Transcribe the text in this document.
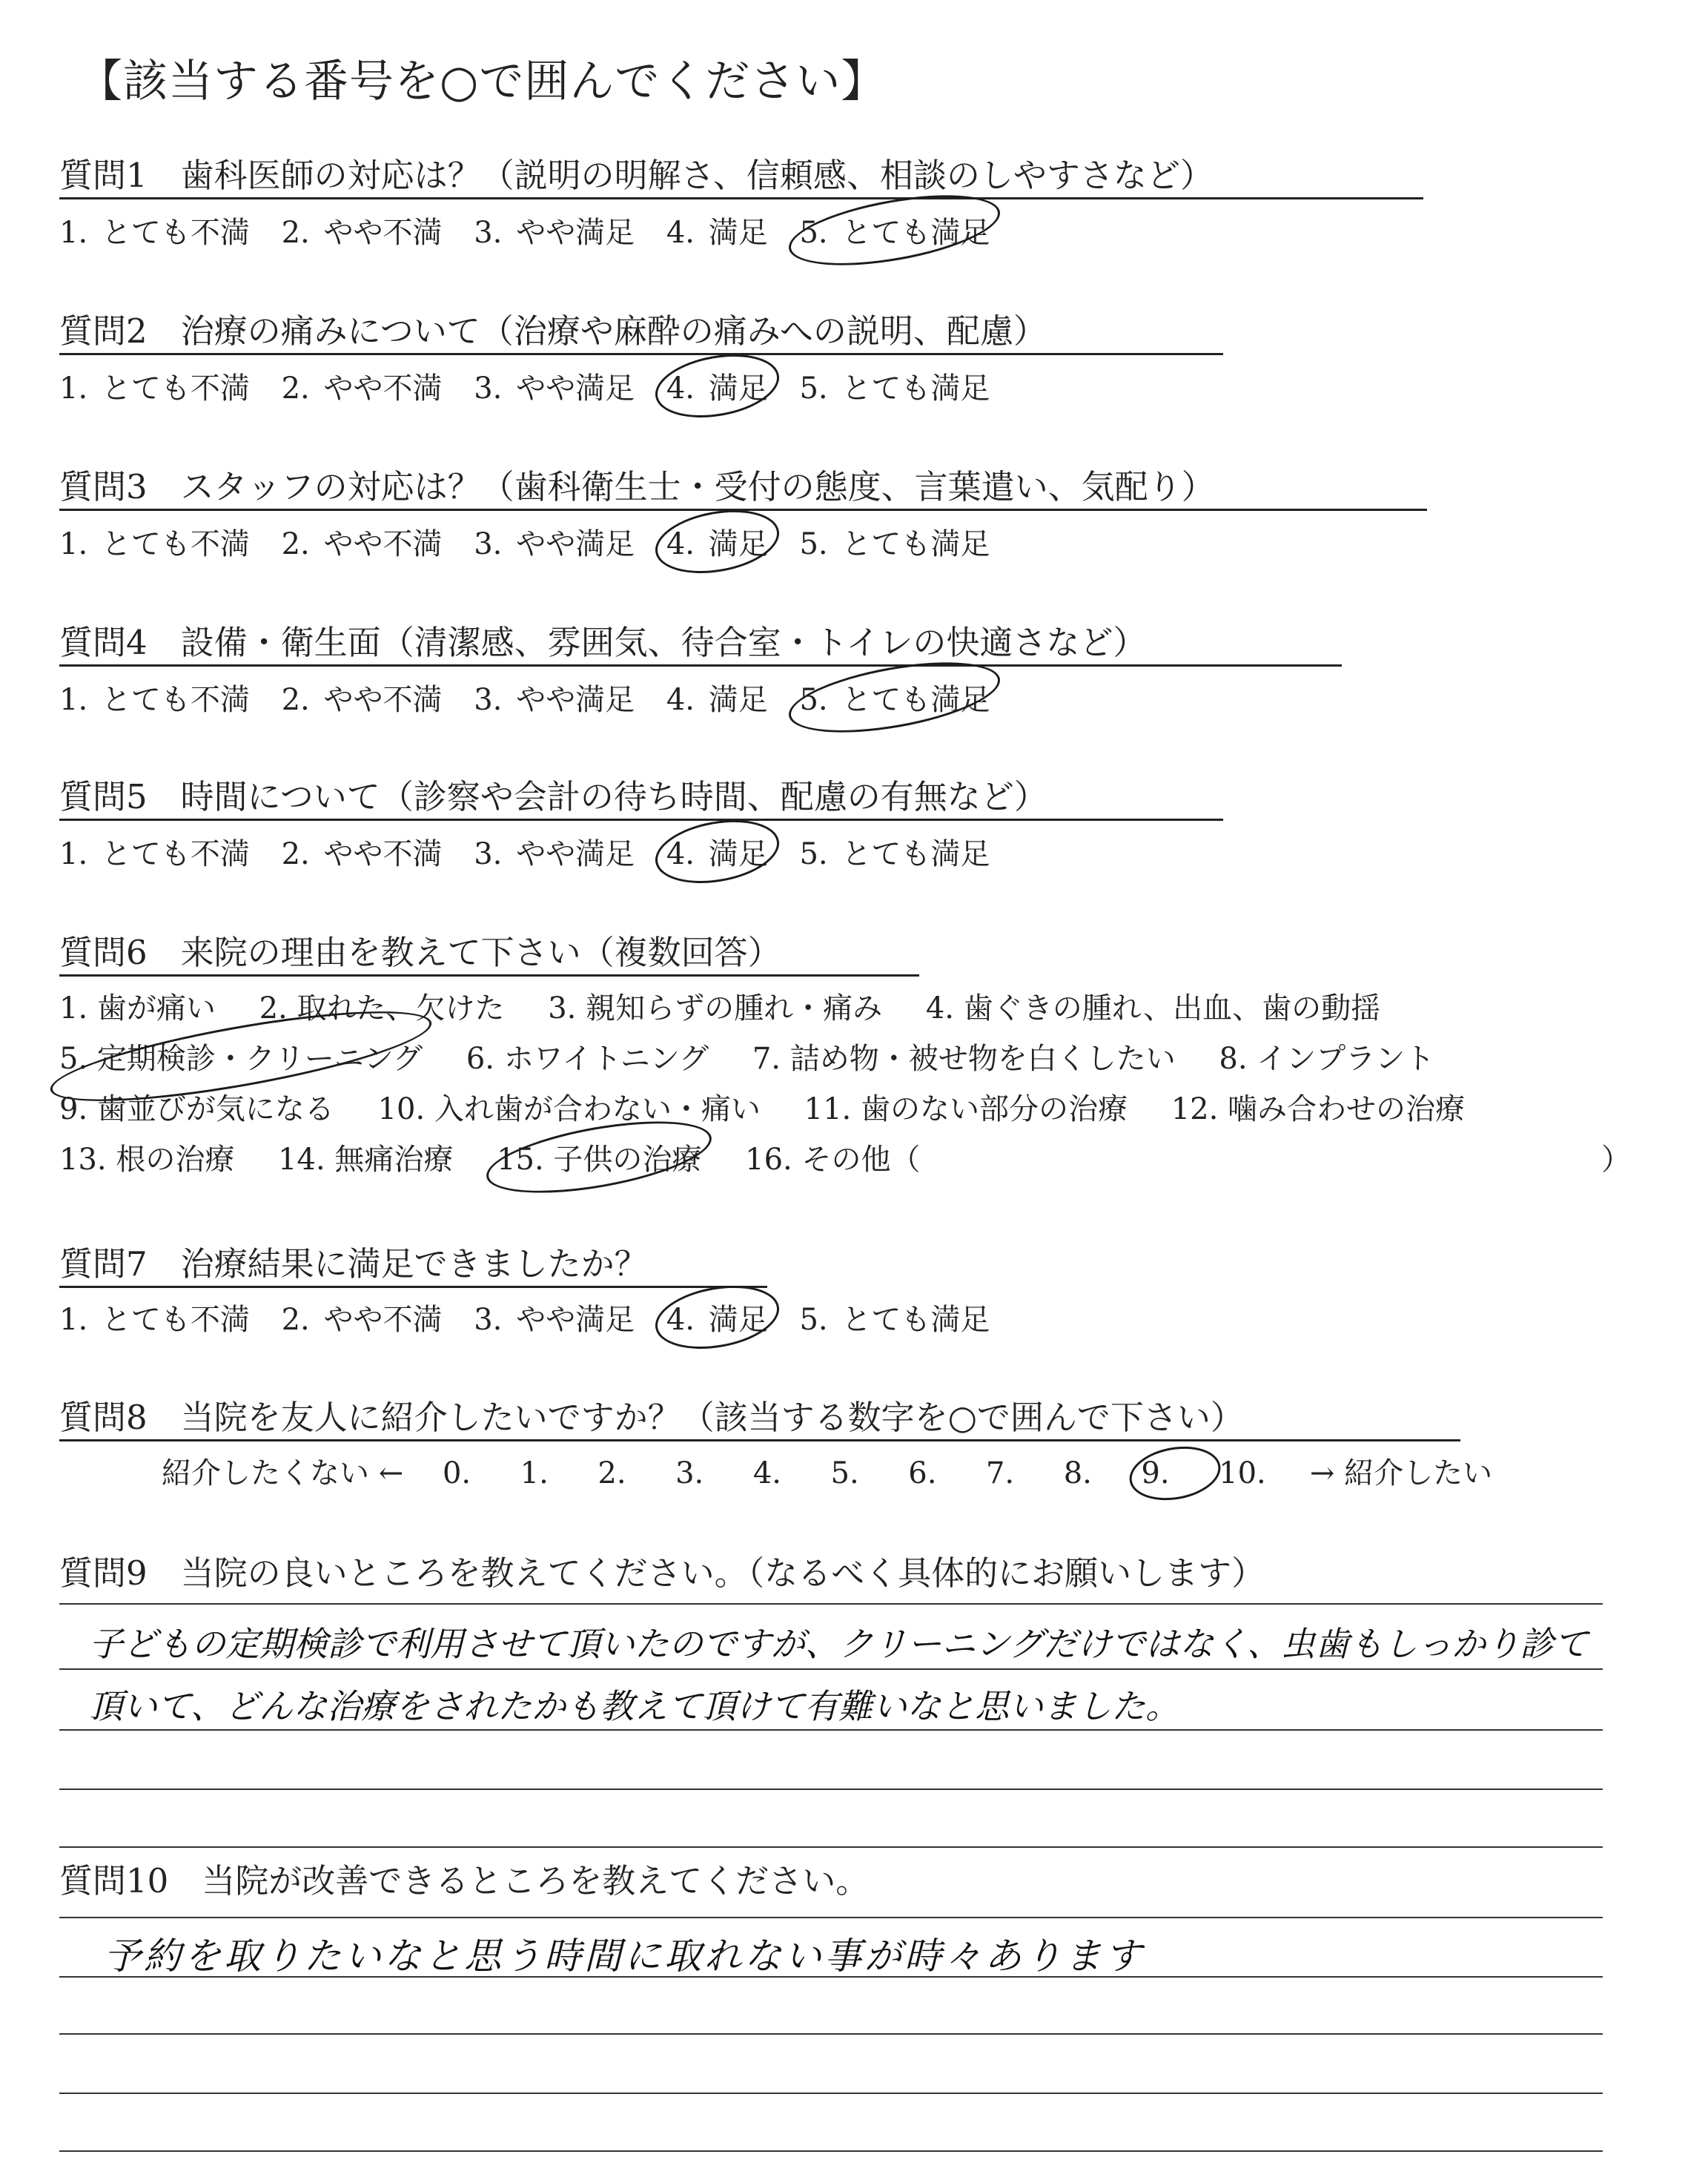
【該当する番号を○で囲んでください】
質問1　歯科医師の対応は？（説明の明解さ、信頼感、相談のしやすさなど）
1. とても不満 2. やや不満 3. やや満足 4. 満足 5. とても満足
質問2　治療の痛みについて（治療や麻酔の痛みへの説明、配慮）
1. とても不満 2. やや不満 3. やや満足 4. 満足 5. とても満足
質問3　スタッフの対応は？（歯科衛生士・受付の態度、言葉遣い、気配り）
1. とても不満 2. やや不満 3. やや満足 4. 満足 5. とても満足
質問4　設備・衛生面（清潔感、雰囲気、待合室・トイレの快適さなど）
1. とても不満 2. やや不満 3. やや満足 4. 満足 5. とても満足
質問5　時間について（診察や会計の待ち時間、配慮の有無など）
1. とても不満 2. やや不満 3. やや満足 4. 満足 5. とても満足
質問6　来院の理由を教えて下さい（複数回答）
1. 歯が痛い 2. 取れた、欠けた 3. 親知らずの腫れ・痛み 4. 歯ぐきの腫れ、出血、歯の動揺
5. 定期検診・クリーニング 6. ホワイトニング 7. 詰め物・被せ物を白くしたい 8. インプラント
9. 歯並びが気になる 10. 入れ歯が合わない・痛い 11. 歯のない部分の治療 12. 噛み合わせの治療
13. 根の治療 14. 無痛治療 15. 子供の治療 16. その他（	）
質問7　治療結果に満足できましたか？
1. とても不満 2. やや不満 3. やや満足 4. 満足 5. とても満足
質問8　当院を友人に紹介したいですか？（該当する数字を○で囲んで下さい）
紹介したくない ← 0. 1. 2. 3. 4. 5. 6. 7. 8. 9. 10. → 紹介したい
質問9　当院の良いところを教えてください。（なるべく具体的にお願いします）
子どもの定期検診で利用させて頂いたのですが、クリーニングだけではなく、虫歯もしっかり診て頂いて、どんな治療をされたかも教えて頂けて有難いなと思いました。
質問10　当院が改善できるところを教えてください。
予約を取りたいなと思う時間に取れない事が時々あります
